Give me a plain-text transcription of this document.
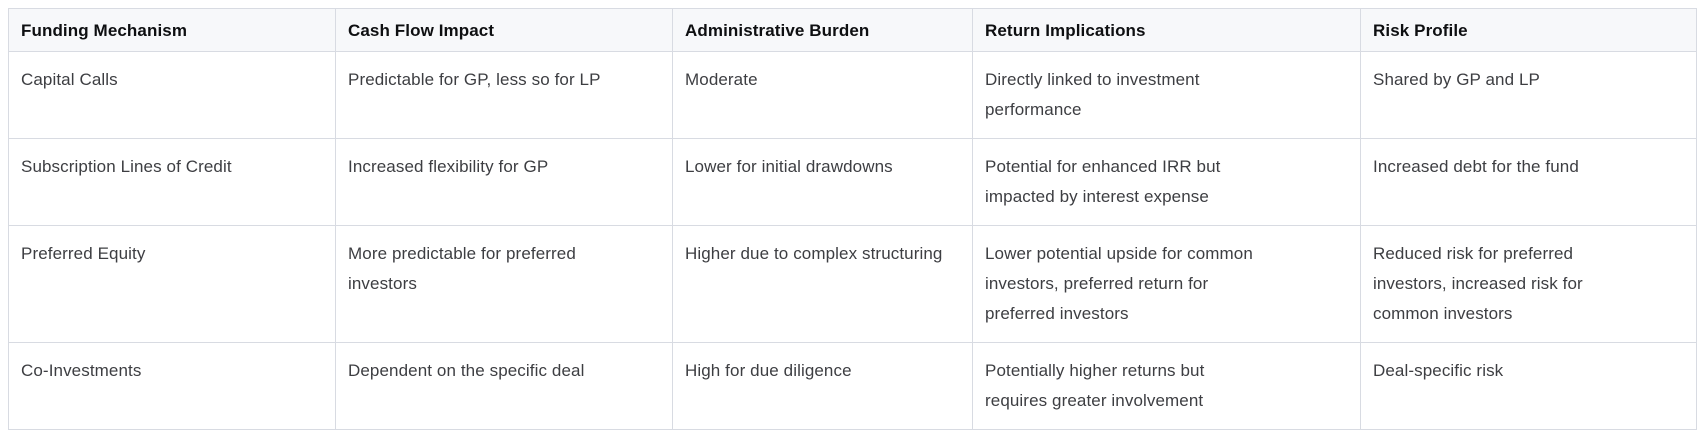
Funding Mechanism	Cash Flow Impact	Administrative Burden	Return Implications	Risk Profile

Capital Calls	Predictable for GP, less so for LP	Moderate	Directly linked to investment performance	Shared by GP and LP

Subscription Lines of Credit	Increased flexibility for GP	Lower for initial drawdowns	Potential for enhanced IRR but impacted by interest expense	Increased debt for the fund

Preferred Equity	More predictable for preferred investors	Higher due to complex structuring	Lower potential upside for common investors, preferred return for preferred investors	Reduced risk for preferred investors, increased risk for common investors

Co-Investments	Dependent on the specific deal	High for due diligence	Potentially higher returns but requires greater involvement	Deal-specific risk
